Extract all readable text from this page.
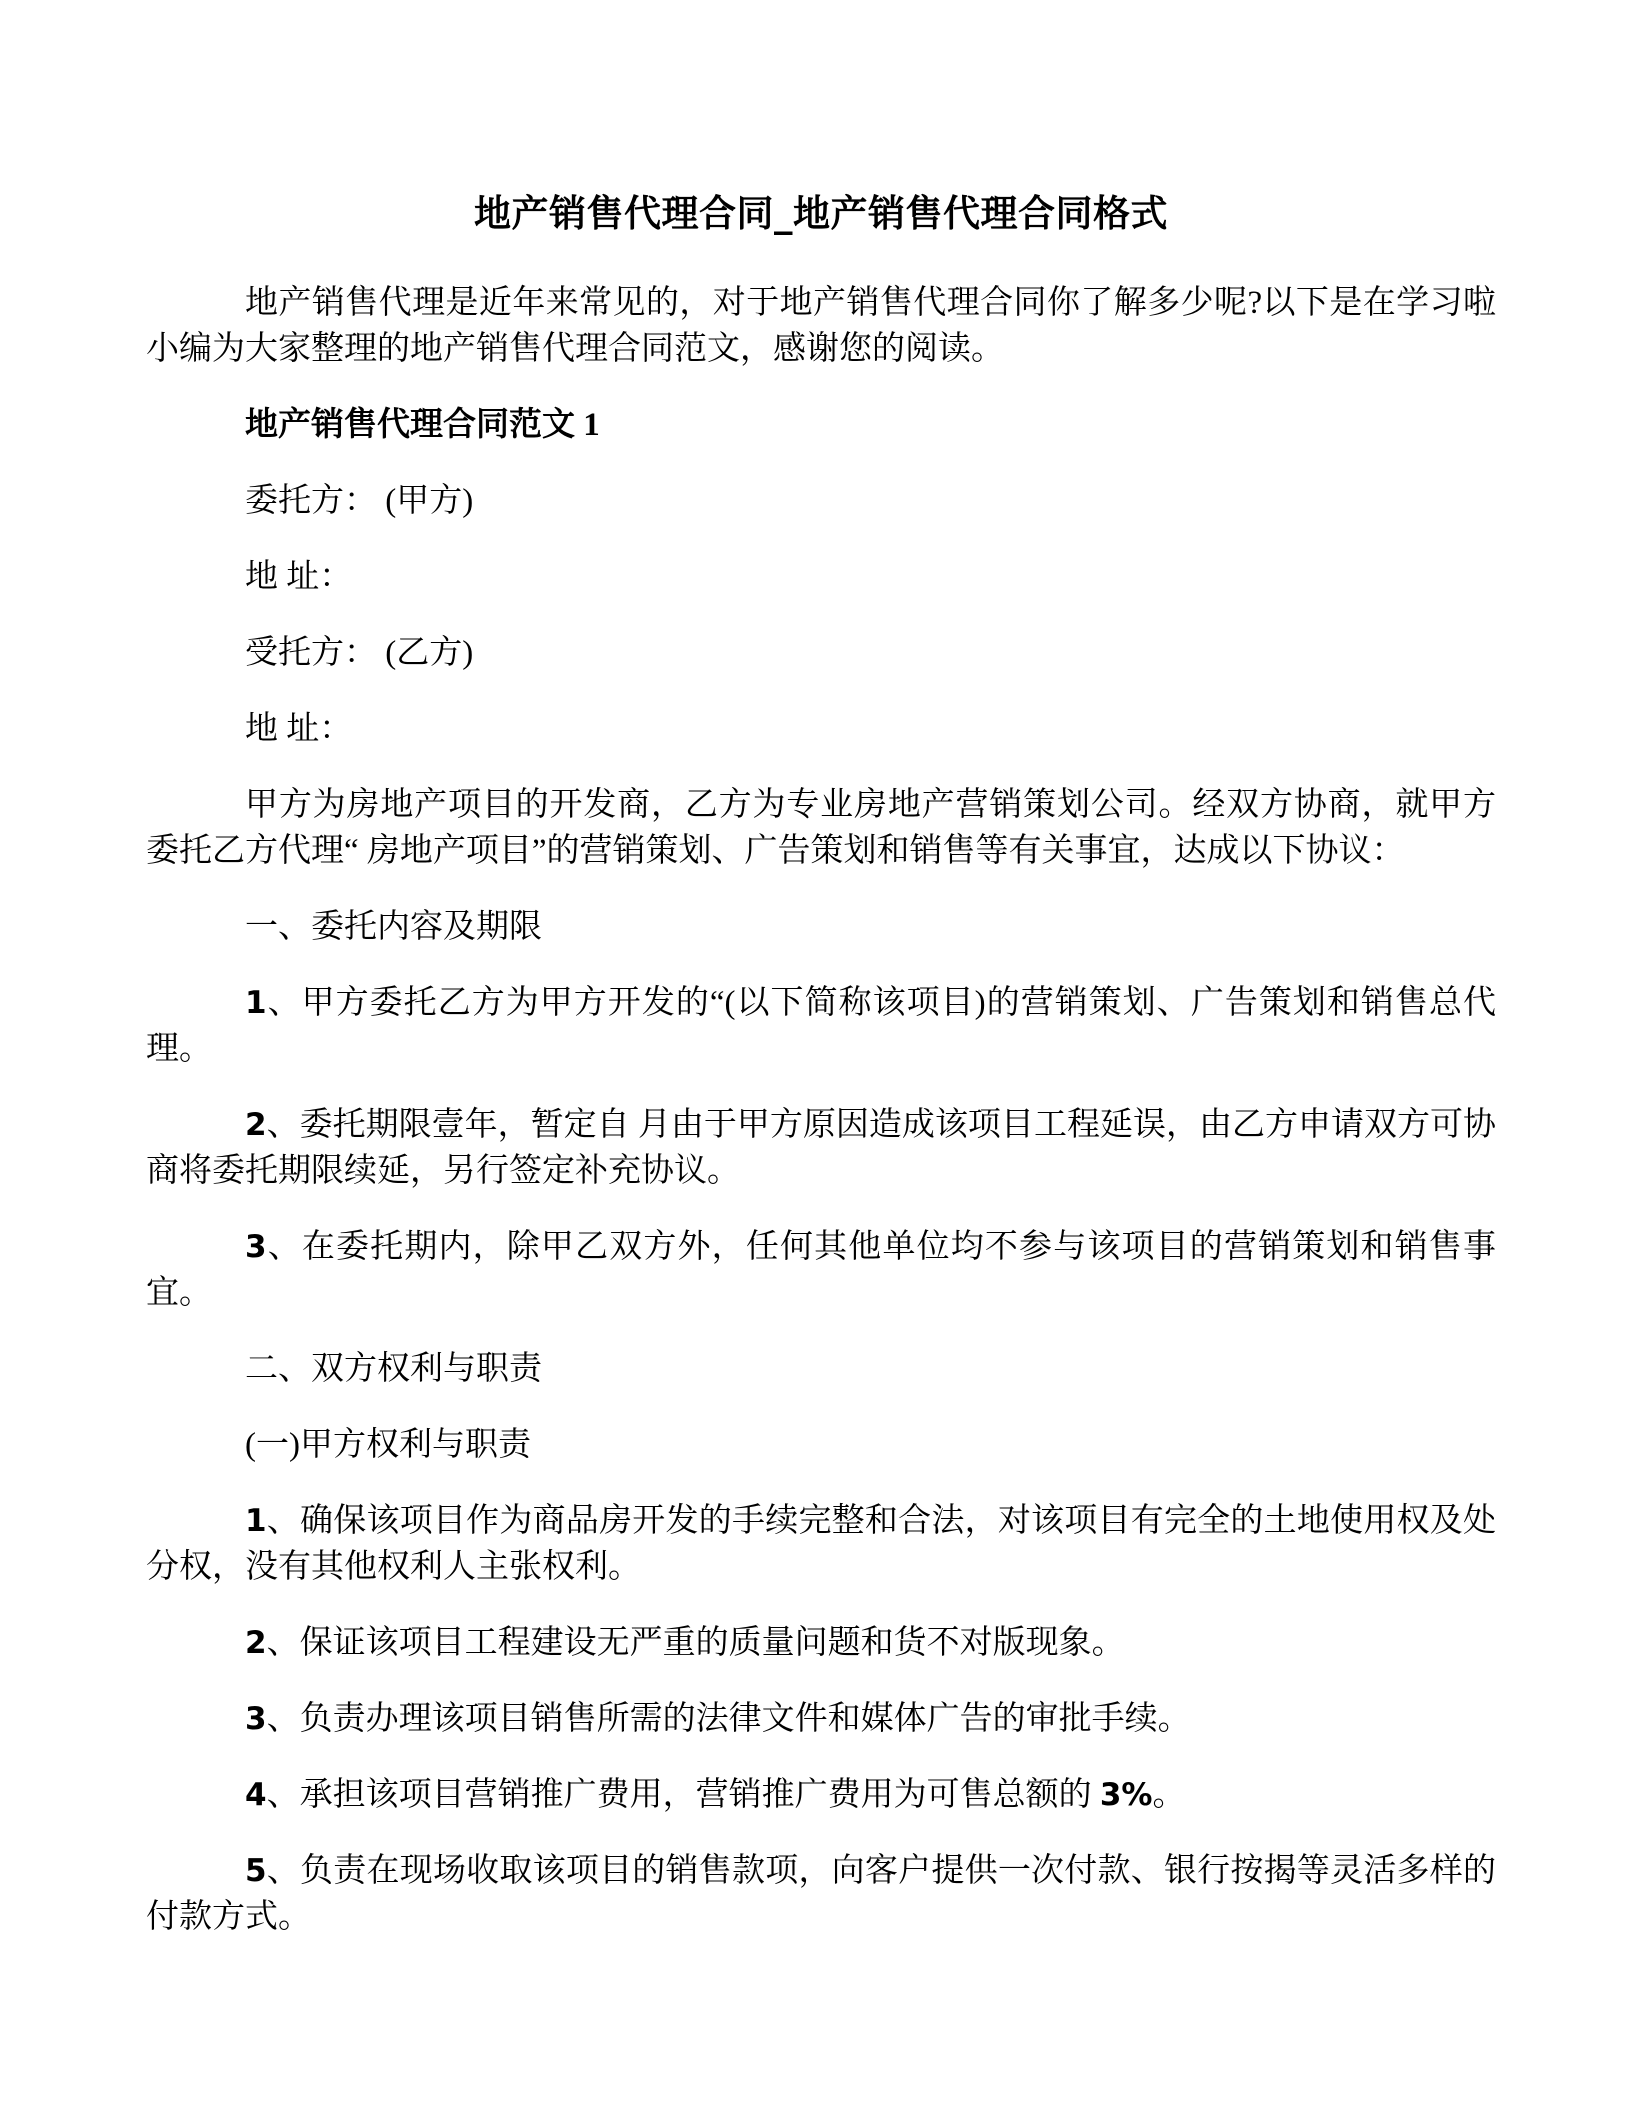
地产销售代理合同_地产销售代理合同格式

地产销售代理是近年来常见的，对于地产销售代理合同你了解多少呢?以下是在学习啦小编为大家整理的地产销售代理合同范文，感谢您的阅读。

地产销售代理合同范文 1

委托方： (甲方)

地 址：

受托方： (乙方)

地 址：

甲方为房地产项目的开发商，乙方为专业房地产营销策划公司。经双方协商，就甲方委托乙方代理“ 房地产项目”的营销策划、广告策划和销售等有关事宜，达成以下协议：

一、委托内容及期限

1、甲方委托乙方为甲方开发的“(以下简称该项目)的营销策划、广告策划和销售总代理。

2、委托期限壹年，暂定自 月由于甲方原因造成该项目工程延误，由乙方申请双方可协商将委托期限续延，另行签定补充协议。

3、在委托期内，除甲乙双方外，任何其他单位均不参与该项目的营销策划和销售事宜。

二、双方权利与职责

(一)甲方权利与职责

1、确保该项目作为商品房开发的手续完整和合法，对该项目有完全的土地使用权及处分权，没有其他权利人主张权利。

2、保证该项目工程建设无严重的质量问题和货不对版现象。

3、负责办理该项目销售所需的法律文件和媒体广告的审批手续。

4、承担该项目营销推广费用，营销推广费用为可售总额的 3%。

5、负责在现场收取该项目的销售款项，向客户提供一次付款、银行按揭等灵活多样的付款方式。
